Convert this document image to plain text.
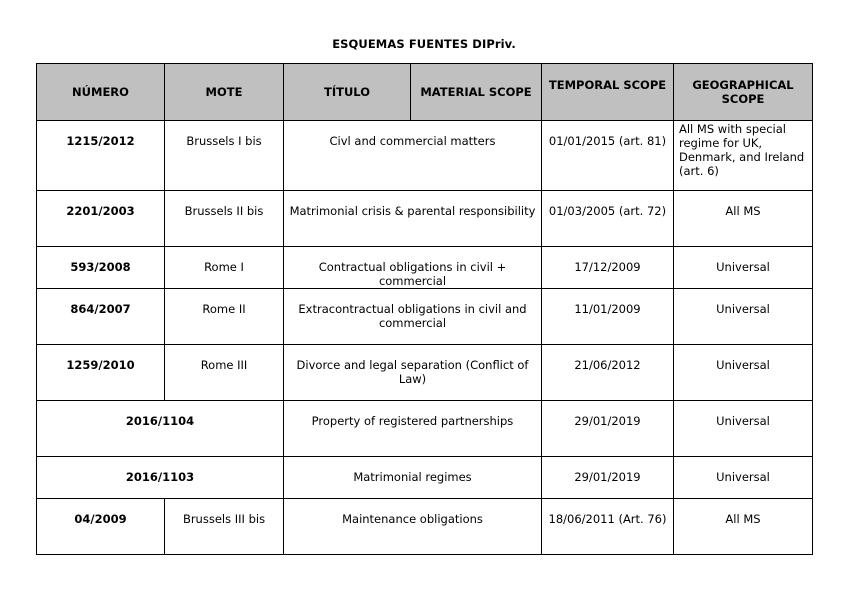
ESQUEMAS FUENTES DIPriv.
NÚMERO	MOTE	TÍTULO	MATERIAL SCOPE	TEMPORAL SCOPE	GEOGRAPHICAL SCOPE
1215/2012	Brussels I bis	Civl and commercial matters		01/01/2015 (art. 81)	All MS with special regime for UK, Denmark, and Ireland (art. 6)
2201/2003	Brussels II bis	Matrimonial crisis & parental responsibility		01/03/2005 (art. 72)	All MS
593/2008	Rome I	Contractual obligations in civil + commercial		17/12/2009	Universal
864/2007	Rome II	Extracontractual obligations in civil and commercial		11/01/2009	Universal
1259/2010	Rome III	Divorce and legal separation (Conflict of Law)		21/06/2012	Universal
2016/1104		Property of registered partnerships		29/01/2019	Universal
2016/1103		Matrimonial regimes		29/01/2019	Universal
04/2009	Brussels III bis	Maintenance obligations		18/06/2011 (Art. 76)	All MS
